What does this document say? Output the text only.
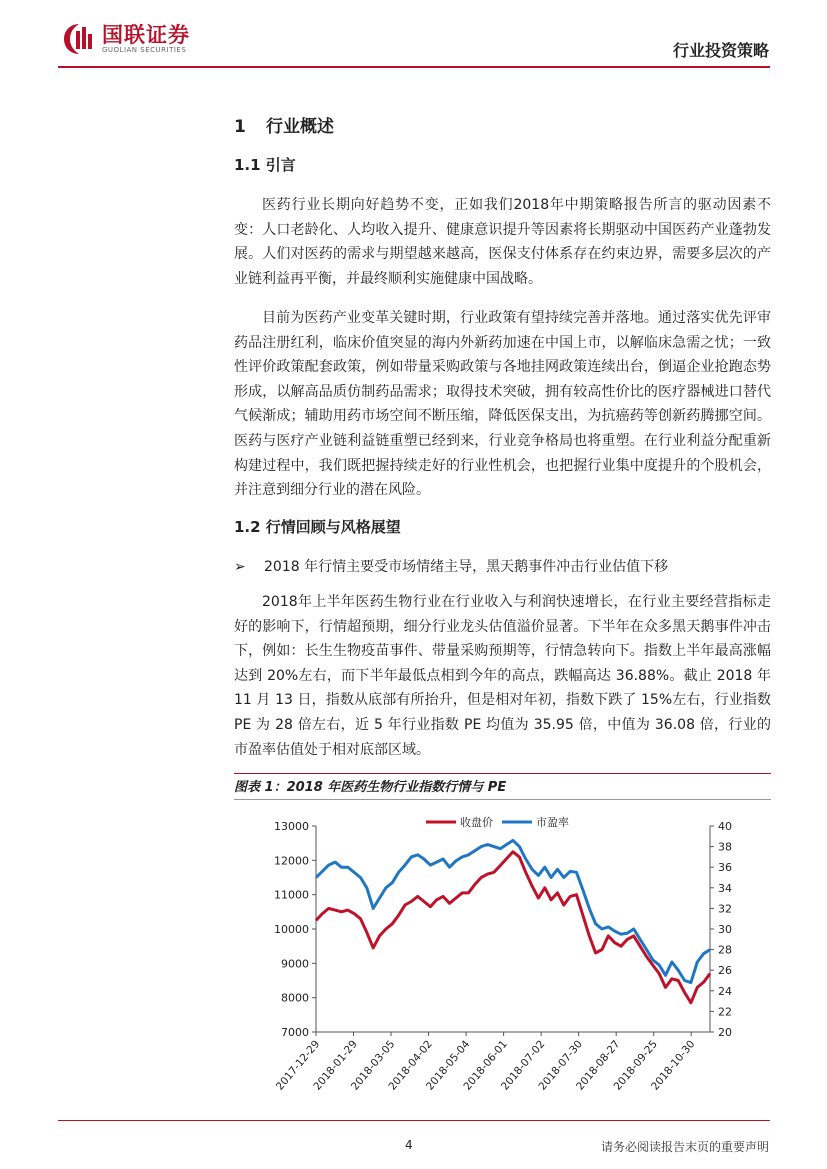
国联证券
GUOLIAN SECURITIES	行业投资策略
1 行业概述
1.1 引言
医药行业长期向好趋势不变，正如我们2018年中期策略报告所言的驱动因素不变：人口老龄化、人均收入提升、健康意识提升等因素将长期驱动中国医药产业蓬勃发展。人们对医药的需求与期望越来越高，医保支付体系存在约束边界，需要多层次的产业链利益再平衡，并最终顺利实施健康中国战略。
目前为医药产业变革关键时期，行业政策有望持续完善并落地。通过落实优先评审药品注册红利，临床价值突显的海内外新药加速在中国上市，以解临床急需之忧；一致性评价政策配套政策，例如带量采购政策与各地挂网政策连续出台，倒逼企业抢跑态势形成，以解高品质仿制药品需求；取得技术突破，拥有较高性价比的医疗器械进口替代气候渐成；辅助用药市场空间不断压缩，降低医保支出，为抗癌药等创新药腾挪空间。医药与医疗产业链利益链重塑已经到来，行业竞争格局也将重塑。在行业利益分配重新构建过程中，我们既把握持续走好的行业性机会，也把握行业集中度提升的个股机会，并注意到细分行业的潜在风险。
1.2 行情回顾与风格展望
➢ 2018 年行情主要受市场情绪主导，黑天鹅事件冲击行业估值下移
2018年上半年医药生物行业在行业收入与利润快速增长，在行业主要经营指标走好的影响下，行情超预期，细分行业龙头估值溢价显著。下半年在众多黑天鹅事件冲击下，例如：长生生物疫苗事件、带量采购预期等，行情急转向下。指数上半年最高涨幅达到 20%左右，而下半年最低点相到今年的高点，跌幅高达 36.88%。截止 2018 年 11 月 13 日，指数从底部有所抬升，但是相对年初，指数下跌了 15%左右，行业指数 PE 为 28 倍左右，近 5 年行业指数 PE 均值为 35.95 倍，中值为 36.08 倍，行业的市盈率估值处于相对底部区域。
图表 1：2018 年医药生物行业指数行情与 PE
7000
8000
9000
10000
11000
12000
13000
20
22
24
26
28
30
32
34
36
38
40
2017-12-29
2018-01-29
2018-03-05
2018-04-02
2018-05-04
2018-06-01
2018-07-02
2018-07-30
2018-08-27
2018-09-25
2018-10-30
收盘价	市盈率
4	请务必阅读报告末页的重要声明
